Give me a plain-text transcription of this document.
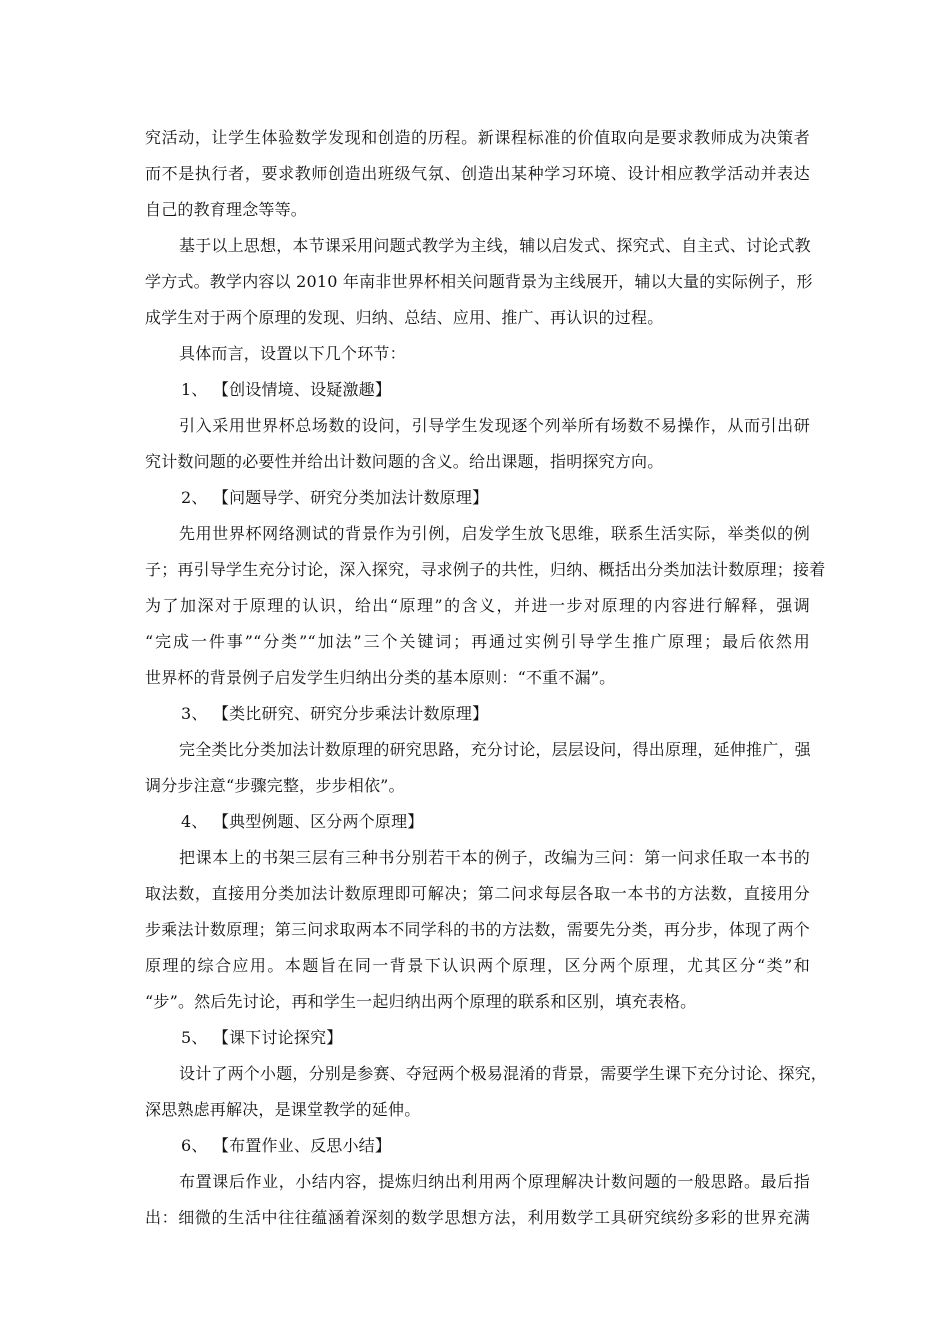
究活动，让学生体验数学发现和创造的历程。新课程标准的价值取向是要求教师成为决策者
而不是执行者，要求教师创造出班级气氛、创造出某种学习环境、设计相应教学活动并表达
自己的教育理念等等。
基于以上思想，本节课采用问题式教学为主线，辅以启发式、探究式、自主式、讨论式教
学方式。教学内容以 2010 年南非世界杯相关问题背景为主线展开，辅以大量的实际例子，形
成学生对于两个原理的发现、归纳、总结、应用、推广、再认识的过程。
具体而言，设置以下几个环节：
1、 【创设情境、设疑激趣】
引入采用世界杯总场数的设问，引导学生发现逐个列举所有场数不易操作，从而引出研
究计数问题的必要性并给出计数问题的含义。给出课题，指明探究方向。
2、 【问题导学、研究分类加法计数原理】
先用世界杯网络测试的背景作为引例，启发学生放飞思维，联系生活实际，举类似的例
子；再引导学生充分讨论，深入探究，寻求例子的共性，归纳、概括出分类加法计数原理；接着
为了加深对于原理的认识，给出“原理”的含义，并进一步对原理的内容进行解释，强调
“完成一件事”“分类”“加法”三个关键词；再通过实例引导学生推广原理；最后依然用
世界杯的背景例子启发学生归纳出分类的基本原则：“不重不漏”。
3、 【类比研究、研究分步乘法计数原理】
完全类比分类加法计数原理的研究思路，充分讨论，层层设问，得出原理，延伸推广，强
调分步注意“步骤完整，步步相依”。
4、 【典型例题、区分两个原理】
把课本上的书架三层有三种书分别若干本的例子，改编为三问：第一问求任取一本书的
取法数，直接用分类加法计数原理即可解决；第二问求每层各取一本书的方法数，直接用分
步乘法计数原理；第三问求取两本不同学科的书的方法数，需要先分类，再分步，体现了两个
原理的综合应用。本题旨在同一背景下认识两个原理，区分两个原理，尤其区分“类”和
“步”。然后先讨论，再和学生一起归纳出两个原理的联系和区别，填充表格。
5、 【课下讨论探究】
设计了两个小题，分别是参赛、夺冠两个极易混淆的背景，需要学生课下充分讨论、探究，
深思熟虑再解决，是课堂教学的延伸。
6、 【布置作业、反思小结】
布置课后作业，小结内容，提炼归纳出利用两个原理解决计数问题的一般思路。最后指
出：细微的生活中往往蕴涵着深刻的数学思想方法，利用数学工具研究缤纷多彩的世界充满
